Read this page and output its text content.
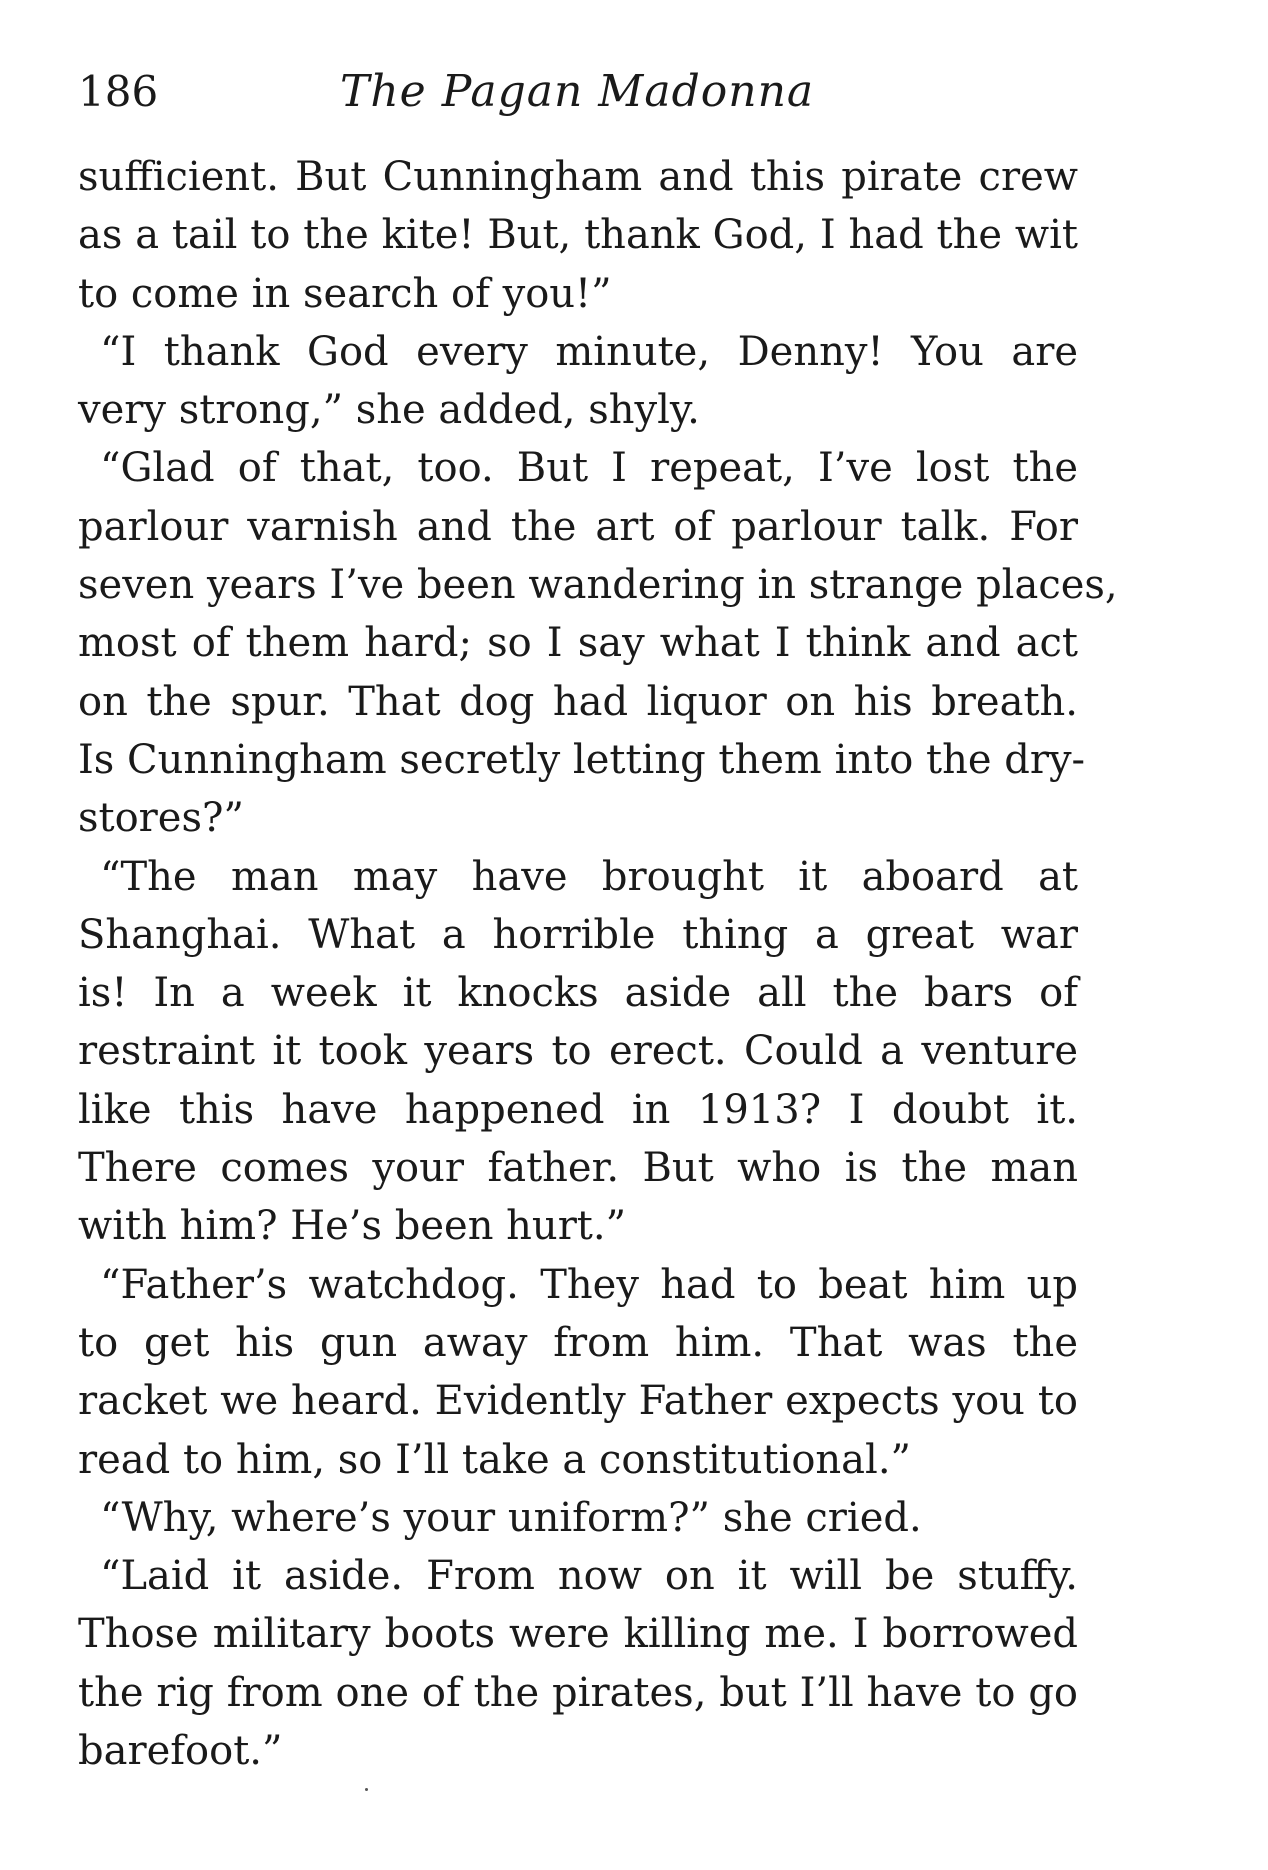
186	The Pagan Madonna
sufficient. But Cunningham and this pirate crew
as a tail to the kite! But, thank God, I had the wit
to come in search of you!”
“I thank God every minute, Denny! You are
very strong,” she added, shyly.
“Glad of that, too. But I repeat, I’ve lost the
parlour varnish and the art of parlour talk. For
seven years I’ve been wandering in strange places,
most of them hard; so I say what I think and act
on the spur. That dog had liquor on his breath.
Is Cunningham secretly letting them into the dry-
stores?”
“The man may have brought it aboard at
Shanghai. What a horrible thing a great war
is! In a week it knocks aside all the bars of
restraint it took years to erect. Could a venture
like this have happened in 1913? I doubt it.
There comes your father. But who is the man
with him? He’s been hurt.”
“Father’s watchdog. They had to beat him up
to get his gun away from him. That was the
racket we heard. Evidently Father expects you to
read to him, so I’ll take a constitutional.”
“Why, where’s your uniform?” she cried.
“Laid it aside. From now on it will be stuffy.
Those military boots were killing me. I borrowed
the rig from one of the pirates, but I’ll have to go
barefoot.”
